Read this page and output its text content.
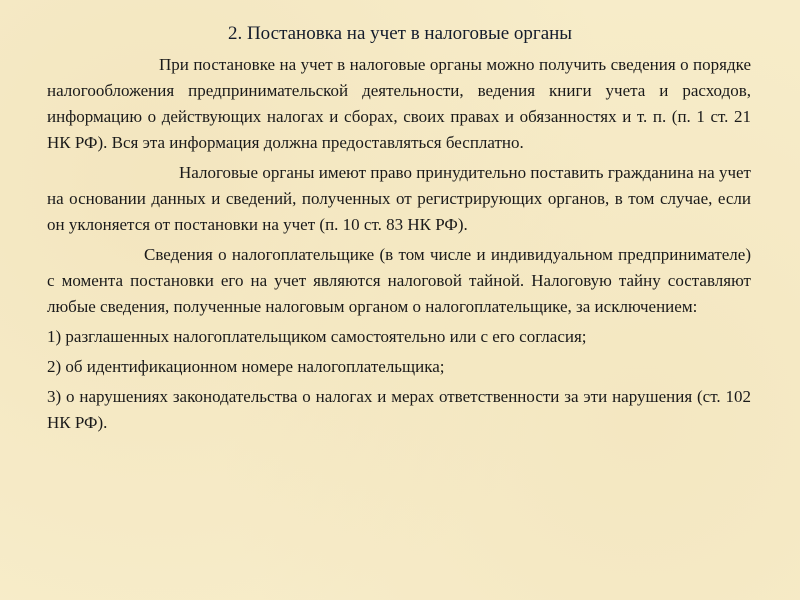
2. Постановка на учет в налоговые органы

При постановке на учет в налоговые органы можно получить сведения о порядке налогообложения предпринимательской деятельности, ведения книги учета и расходов, информацию о действующих налогах и сборах, своих правах и обязанностях и т. п. (п. 1 ст. 21 НК РФ). Вся эта информация должна предоставляться бесплатно.

Налоговые органы имеют право принудительно поставить гражданина на учет на основании данных и сведений, полученных от регистрирующих органов, в том случае, если он уклоняется от постановки на учет (п. 10 ст. 83 НК РФ).

Сведения о налогоплательщике (в том числе и индивидуальном предпринимателе) с момента постановки его на учет являются налоговой тайной. Налоговую тайну составляют любые сведения, полученные налоговым органом о налогоплательщике, за исключением:

1) разглашенных налогоплательщиком самостоятельно или с его согласия;

2) об идентификационном номере налогоплательщика;

3) о нарушениях законодательства о налогах и мерах ответственности за эти нарушения (ст. 102 НК РФ).
